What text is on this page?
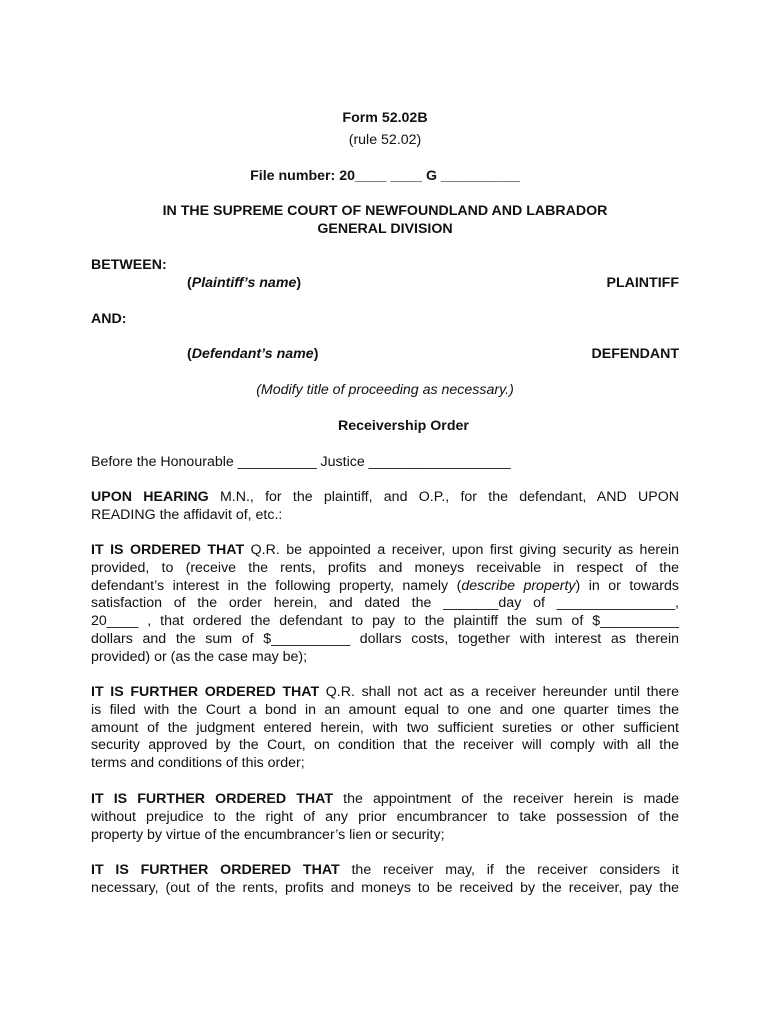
Form 52.02B
(rule 52.02)
File number: 20____ ____ G __________
IN THE SUPREME COURT OF NEWFOUNDLAND AND LABRADOR
GENERAL DIVISION
BETWEEN:
(Plaintiff’s name)	PLAINTIFF
AND:
(Defendant’s name)	DEFENDANT
(Modify title of proceeding as necessary.)
Receivership Order
Before the Honourable __________ Justice __________________
UPON HEARING M.N., for the plaintiff, and O.P., for the defendant, AND UPON
READING the affidavit of, etc.:
IT IS ORDERED THAT Q.R. be appointed a receiver, upon first giving security as herein
provided, to (receive the rents, profits and moneys receivable in respect of the
defendant’s interest in the following property, namely (describe property) in or towards
satisfaction of the order herein, and dated the _______day of _______________,
20____ , that ordered the defendant to pay to the plaintiff the sum of $__________
dollars and the sum of $__________ dollars costs, together with interest as therein
provided) or (as the case may be);
IT IS FURTHER ORDERED THAT Q.R. shall not act as a receiver hereunder until there
is filed with the Court a bond in an amount equal to one and one quarter times the
amount of the judgment entered herein, with two sufficient sureties or other sufficient
security approved by the Court, on condition that the receiver will comply with all the
terms and conditions of this order;
IT IS FURTHER ORDERED THAT the appointment of the receiver herein is made
without prejudice to the right of any prior encumbrancer to take possession of the
property by virtue of the encumbrancer’s lien or security;
IT IS FURTHER ORDERED THAT the receiver may, if the receiver considers it
necessary, (out of the rents, profits and moneys to be received by the receiver, pay the
